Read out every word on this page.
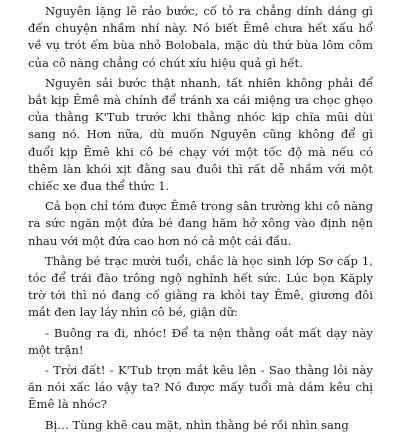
Nguyên lặng lẽ rảo bước, cố tỏ ra chẳng dính dáng gì đến chuyện nhầm nhí này. Nó biết Êmê chưa hết xấu hổ về vụ trót ếm bùa nhỏ Bolobala, mặc dù thứ bùa lôm côm của cô nàng chẳng có chút xíu hiệu quả gì hết.

Nguyên sải bước thật nhanh, tất nhiên không phải để bắt kịp Êmê mà chính để tránh xa cái miệng ưa chọc ghẹo của thằng K'Tub trước khi thằng nhóc kịp chĩa mũi dùi sang nó. Hơn nữa, dù muốn Nguyên cũng không để gì đuổi kịp Êmê khi cô bé chạy với một tốc độ mà nếu có thêm làn khói xịt đằng sau đuôi thì rất dễ nhầm với một chiếc xe đua thể thức 1.

Cả bọn chỉ tóm được Êmê trong sân trường khi cô nàng ra sức ngăn một đứa bé đang hăm hở xông vào định nện nhau với một đứa cao hơn nó cả một cái đầu.

Thằng bé trạc mười tuổi, chắc là học sinh lớp Sơ cấp 1, tóc để trái đào trông ngộ nghĩnh hết sức. Lúc bọn Kăply trờ tới thì nó đang cố giằng ra khỏi tay Êmê, giương đôi mắt đen lay láy nhìn cô bé, giận dữ:

- Buông ra đi, nhóc! Để ta nện thằng oắt mất dạy này một trận!

- Trời đất! - K'Tub trợn mắt kêu lên - Sao thằng lỏi này ăn nói xấc láo vậy ta? Nó được mấy tuổi mà dám kêu chị Êmê là nhóc?

Bị… Tùng khẽ cau mặt, nhìn thằng bé rồi nhìn sang
